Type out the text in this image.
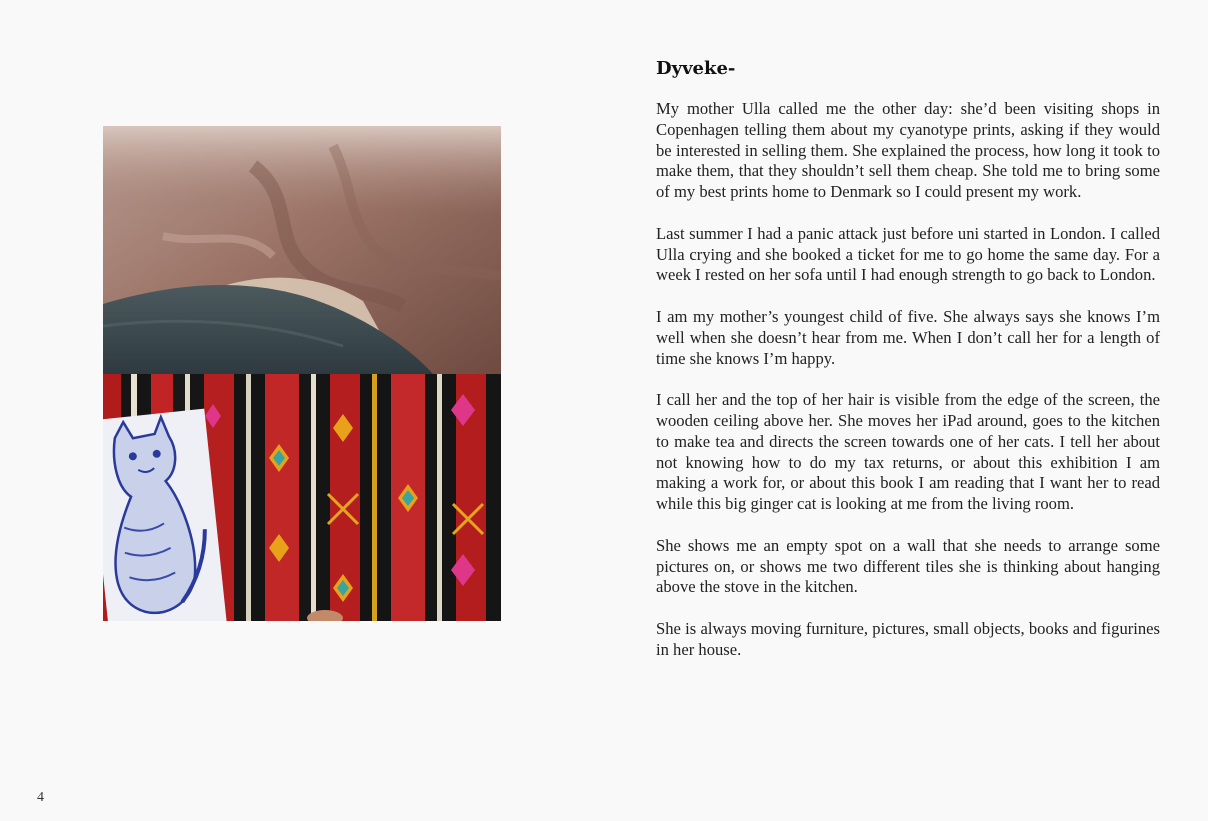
Dyveke-

My mother Ulla called me the other day: she’d been visiting shops in Copenhagen telling them about my cyanotype prints, asking if they would be interested in selling them. She explained the process, how long it took to make them, that they shouldn’t sell them cheap. She told me to bring some of my best prints home to Denmark so I could present my work.

Last summer I had a panic attack just before uni started in London. I called Ulla crying and she booked a ticket for me to go home the same day. For a week I rested on her sofa until I had enough strength to go back to London.

I am my mother’s youngest child of five. She always says she knows I’m well when she doesn’t hear from me. When I don’t call her for a length of time she knows I’m happy.

I call her and the top of her hair is visible from the edge of the screen, the wooden ceiling above her. She moves her iPad around, goes to the kitchen to make tea and directs the screen towards one of her cats. I tell her about not knowing how to do my tax returns, or about this exhibition I am making a work for, or about this book I am reading that I want her to read while this big ginger cat is looking at me from the living room.

She shows me an empty spot on a wall that she needs to arrange some pictures on, or shows me two different tiles she is thinking about hanging above the stove in the kitchen.

She is always moving furniture, pictures, small objects, books and figurines in her house.

4
